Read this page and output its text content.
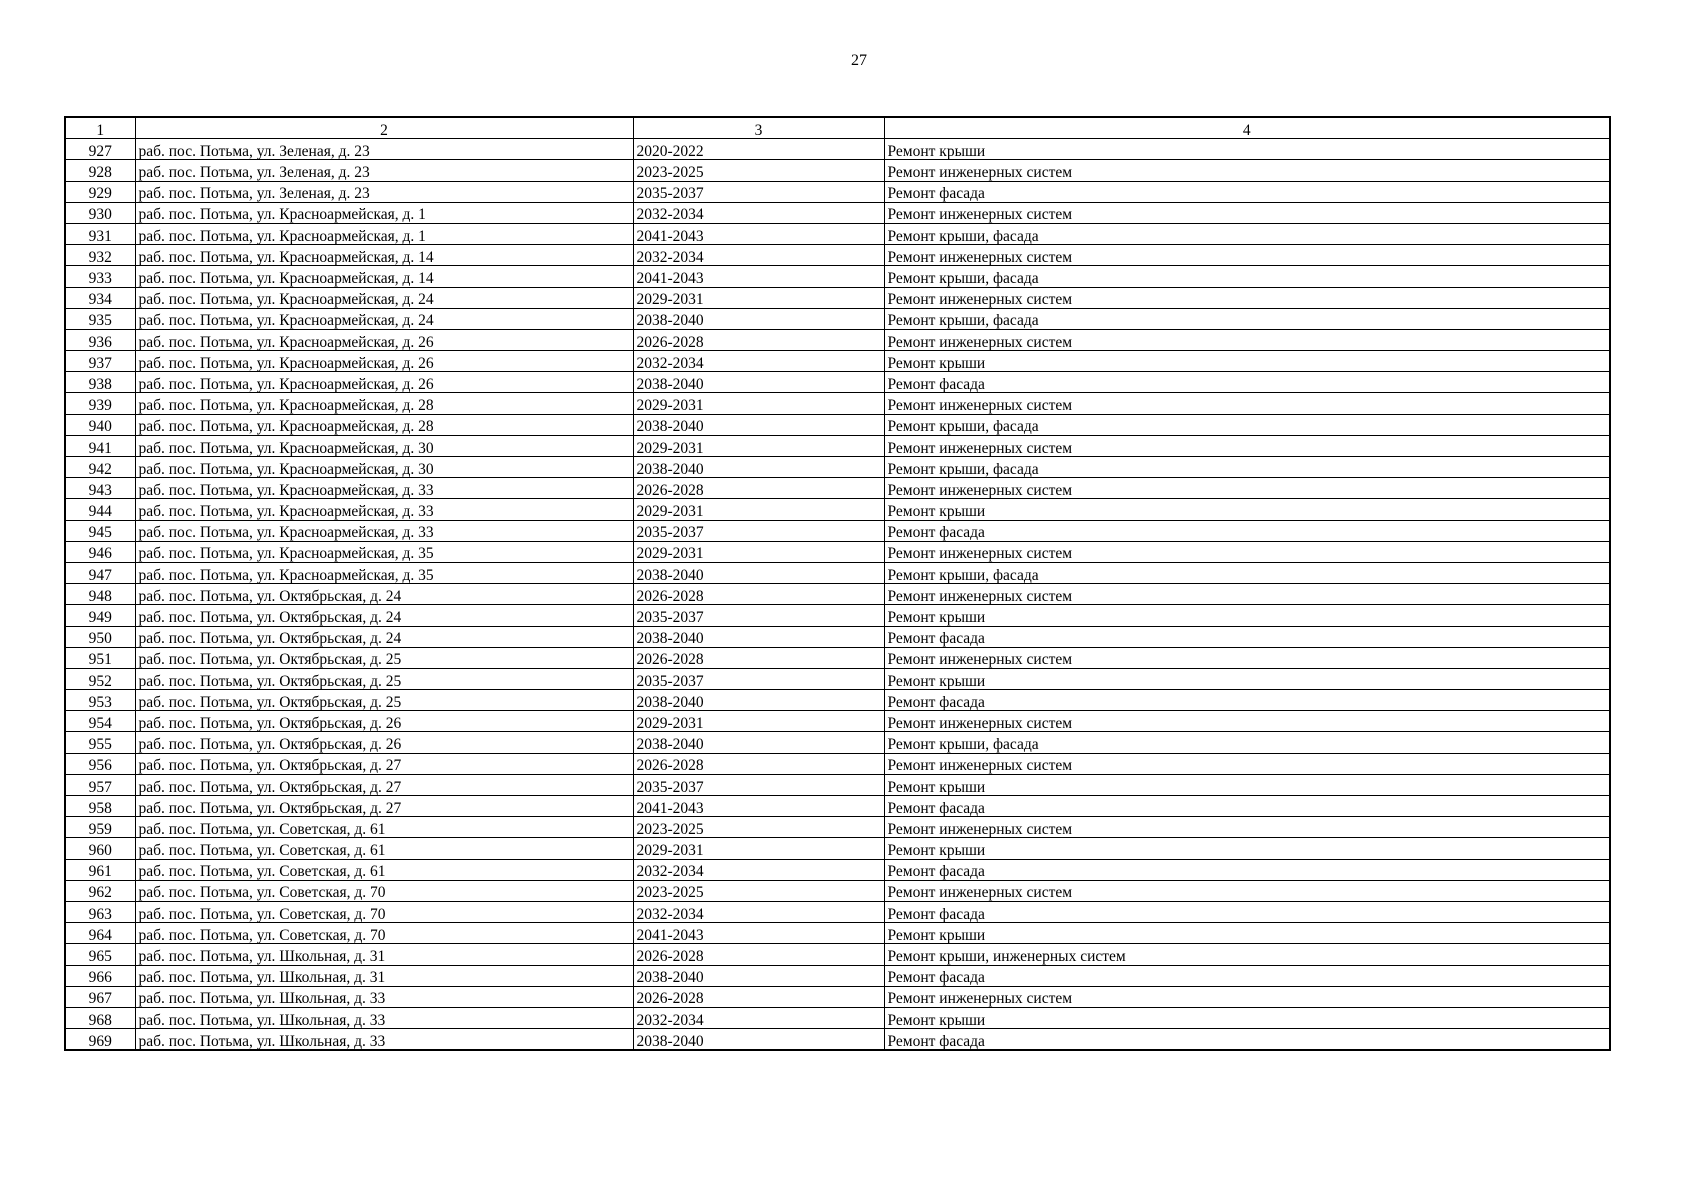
27
1	2	3	4
927	раб. пос. Потьма, ул. Зеленая, д. 23	2020-2022	Ремонт крыши
928	раб. пос. Потьма, ул. Зеленая, д. 23	2023-2025	Ремонт инженерных систем
929	раб. пос. Потьма, ул. Зеленая, д. 23	2035-2037	Ремонт фасада
930	раб. пос. Потьма, ул. Красноармейская, д. 1	2032-2034	Ремонт инженерных систем
931	раб. пос. Потьма, ул. Красноармейская, д. 1	2041-2043	Ремонт крыши, фасада
932	раб. пос. Потьма, ул. Красноармейская, д. 14	2032-2034	Ремонт инженерных систем
933	раб. пос. Потьма, ул. Красноармейская, д. 14	2041-2043	Ремонт крыши, фасада
934	раб. пос. Потьма, ул. Красноармейская, д. 24	2029-2031	Ремонт инженерных систем
935	раб. пос. Потьма, ул. Красноармейская, д. 24	2038-2040	Ремонт крыши, фасада
936	раб. пос. Потьма, ул. Красноармейская, д. 26	2026-2028	Ремонт инженерных систем
937	раб. пос. Потьма, ул. Красноармейская, д. 26	2032-2034	Ремонт крыши
938	раб. пос. Потьма, ул. Красноармейская, д. 26	2038-2040	Ремонт фасада
939	раб. пос. Потьма, ул. Красноармейская, д. 28	2029-2031	Ремонт инженерных систем
940	раб. пос. Потьма, ул. Красноармейская, д. 28	2038-2040	Ремонт крыши, фасада
941	раб. пос. Потьма, ул. Красноармейская, д. 30	2029-2031	Ремонт инженерных систем
942	раб. пос. Потьма, ул. Красноармейская, д. 30	2038-2040	Ремонт крыши, фасада
943	раб. пос. Потьма, ул. Красноармейская, д. 33	2026-2028	Ремонт инженерных систем
944	раб. пос. Потьма, ул. Красноармейская, д. 33	2029-2031	Ремонт крыши
945	раб. пос. Потьма, ул. Красноармейская, д. 33	2035-2037	Ремонт фасада
946	раб. пос. Потьма, ул. Красноармейская, д. 35	2029-2031	Ремонт инженерных систем
947	раб. пос. Потьма, ул. Красноармейская, д. 35	2038-2040	Ремонт крыши, фасада
948	раб. пос. Потьма, ул. Октябрьская, д. 24	2026-2028	Ремонт инженерных систем
949	раб. пос. Потьма, ул. Октябрьская, д. 24	2035-2037	Ремонт крыши
950	раб. пос. Потьма, ул. Октябрьская, д. 24	2038-2040	Ремонт фасада
951	раб. пос. Потьма, ул. Октябрьская, д. 25	2026-2028	Ремонт инженерных систем
952	раб. пос. Потьма, ул. Октябрьская, д. 25	2035-2037	Ремонт крыши
953	раб. пос. Потьма, ул. Октябрьская, д. 25	2038-2040	Ремонт фасада
954	раб. пос. Потьма, ул. Октябрьская, д. 26	2029-2031	Ремонт инженерных систем
955	раб. пос. Потьма, ул. Октябрьская, д. 26	2038-2040	Ремонт крыши, фасада
956	раб. пос. Потьма, ул. Октябрьская, д. 27	2026-2028	Ремонт инженерных систем
957	раб. пос. Потьма, ул. Октябрьская, д. 27	2035-2037	Ремонт крыши
958	раб. пос. Потьма, ул. Октябрьская, д. 27	2041-2043	Ремонт фасада
959	раб. пос. Потьма, ул. Советская, д. 61	2023-2025	Ремонт инженерных систем
960	раб. пос. Потьма, ул. Советская, д. 61	2029-2031	Ремонт крыши
961	раб. пос. Потьма, ул. Советская, д. 61	2032-2034	Ремонт фасада
962	раб. пос. Потьма, ул. Советская, д. 70	2023-2025	Ремонт инженерных систем
963	раб. пос. Потьма, ул. Советская, д. 70	2032-2034	Ремонт фасада
964	раб. пос. Потьма, ул. Советская, д. 70	2041-2043	Ремонт крыши
965	раб. пос. Потьма, ул. Школьная, д. 31	2026-2028	Ремонт крыши, инженерных систем
966	раб. пос. Потьма, ул. Школьная, д. 31	2038-2040	Ремонт фасада
967	раб. пос. Потьма, ул. Школьная, д. 33	2026-2028	Ремонт инженерных систем
968	раб. пос. Потьма, ул. Школьная, д. 33	2032-2034	Ремонт крыши
969	раб. пос. Потьма, ул. Школьная, д. 33	2038-2040	Ремонт фасада
